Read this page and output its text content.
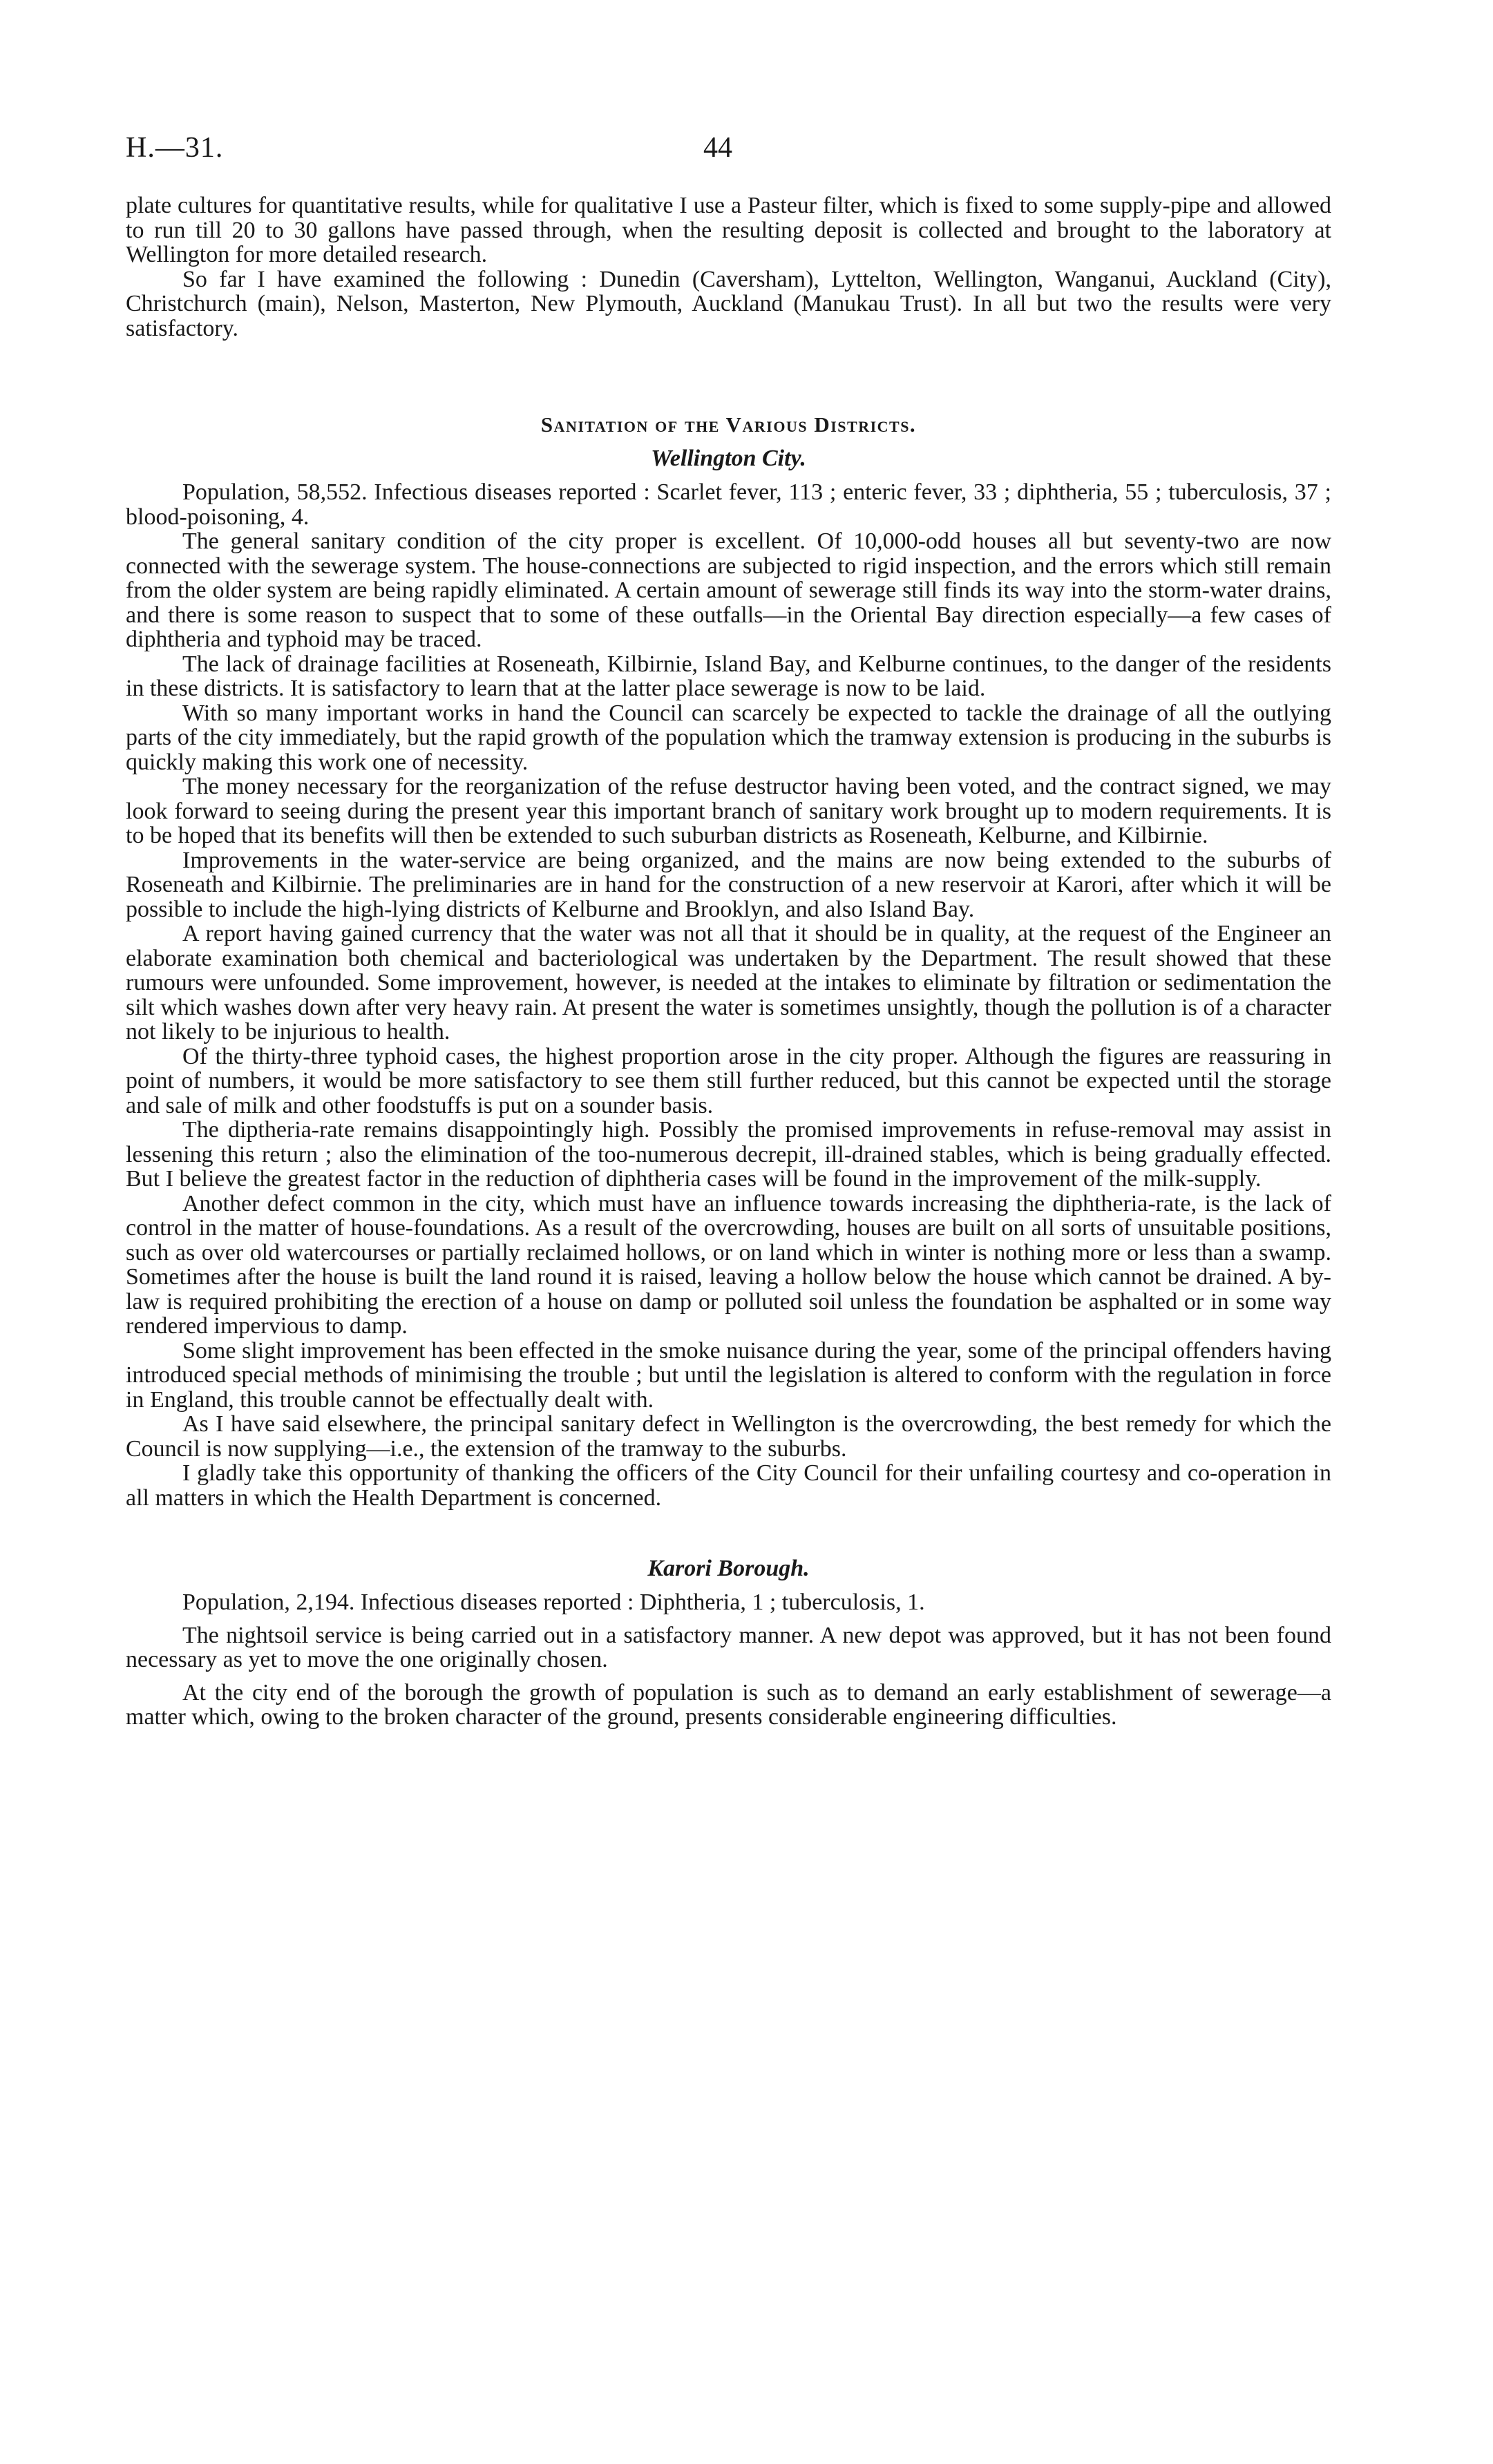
H.—31.	44

plate cultures for quantitative results, while for qualitative I use a Pasteur filter, which is fixed to some supply-pipe and allowed to run till 20 to 30 gallons have passed through, when the resulting deposit is collected and brought to the laboratory at Wellington for more detailed research.

So far I have examined the following : Dunedin (Caversham), Lyttelton, Wellington, Wanganui, Auckland (City), Christchurch (main), Nelson, Masterton, New Plymouth, Auckland (Manukau Trust). In all but two the results were very satisfactory.

Sanitation of the Various Districts.
Wellington City.

Population, 58,552. Infectious diseases reported : Scarlet fever, 113 ; enteric fever, 33 ; diphtheria, 55 ; tuberculosis, 37 ; blood-poisoning, 4.

The general sanitary condition of the city proper is excellent. Of 10,000-odd houses all but seventy-two are now connected with the sewerage system. The house-connections are subjected to rigid inspection, and the errors which still remain from the older system are being rapidly eliminated. A certain amount of sewerage still finds its way into the storm-water drains, and there is some reason to suspect that to some of these outfalls—in the Oriental Bay direction especially—a few cases of diphtheria and typhoid may be traced.

The lack of drainage facilities at Roseneath, Kilbirnie, Island Bay, and Kelburne continues, to the danger of the residents in these districts. It is satisfactory to learn that at the latter place sewerage is now to be laid.

With so many important works in hand the Council can scarcely be expected to tackle the drainage of all the outlying parts of the city immediately, but the rapid growth of the population which the tramway extension is producing in the suburbs is quickly making this work one of necessity.

The money necessary for the reorganization of the refuse destructor having been voted, and the contract signed, we may look forward to seeing during the present year this important branch of sanitary work brought up to modern requirements. It is to be hoped that its benefits will then be extended to such suburban districts as Roseneath, Kelburne, and Kilbirnie.

Improvements in the water-service are being organized, and the mains are now being extended to the suburbs of Roseneath and Kilbirnie. The preliminaries are in hand for the construction of a new reservoir at Karori, after which it will be possible to include the high-lying districts of Kelburne and Brooklyn, and also Island Bay.

A report having gained currency that the water was not all that it should be in quality, at the request of the Engineer an elaborate examination both chemical and bacteriological was undertaken by the Department. The result showed that these rumours were unfounded. Some improvement, however, is needed at the intakes to eliminate by filtration or sedimentation the silt which washes down after very heavy rain. At present the water is sometimes unsightly, though the pollution is of a character not likely to be injurious to health.

Of the thirty-three typhoid cases, the highest proportion arose in the city proper. Although the figures are reassuring in point of numbers, it would be more satisfactory to see them still further reduced, but this cannot be expected until the storage and sale of milk and other foodstuffs is put on a sounder basis.

The diptheria-rate remains disappointingly high. Possibly the promised improvements in refuse-removal may assist in lessening this return ; also the elimination of the too-numerous decrepit, ill-drained stables, which is being gradually effected. But I believe the greatest factor in the reduction of diphtheria cases will be found in the improvement of the milk-supply.

Another defect common in the city, which must have an influence towards increasing the diphtheria-rate, is the lack of control in the matter of house-foundations. As a result of the overcrowding, houses are built on all sorts of unsuitable positions, such as over old watercourses or partially reclaimed hollows, or on land which in winter is nothing more or less than a swamp. Sometimes after the house is built the land round it is raised, leaving a hollow below the house which cannot be drained. A by-law is required prohibiting the erection of a house on damp or polluted soil unless the foundation be asphalted or in some way rendered impervious to damp.

Some slight improvement has been effected in the smoke nuisance during the year, some of the principal offenders having introduced special methods of minimising the trouble ; but until the legislation is altered to conform with the regulation in force in England, this trouble cannot be effectually dealt with.

As I have said elsewhere, the principal sanitary defect in Wellington is the overcrowding, the best remedy for which the Council is now supplying—i.e., the extension of the tramway to the suburbs.

I gladly take this opportunity of thanking the officers of the City Council for their unfailing courtesy and co-operation in all matters in which the Health Department is concerned.

Karori Borough.

Population, 2,194. Infectious diseases reported : Diphtheria, 1 ; tuberculosis, 1.

The nightsoil service is being carried out in a satisfactory manner. A new depot was approved, but it has not been found necessary as yet to move the one originally chosen.

At the city end of the borough the growth of population is such as to demand an early establishment of sewerage—a matter which, owing to the broken character of the ground, presents considerable engineering difficulties.
